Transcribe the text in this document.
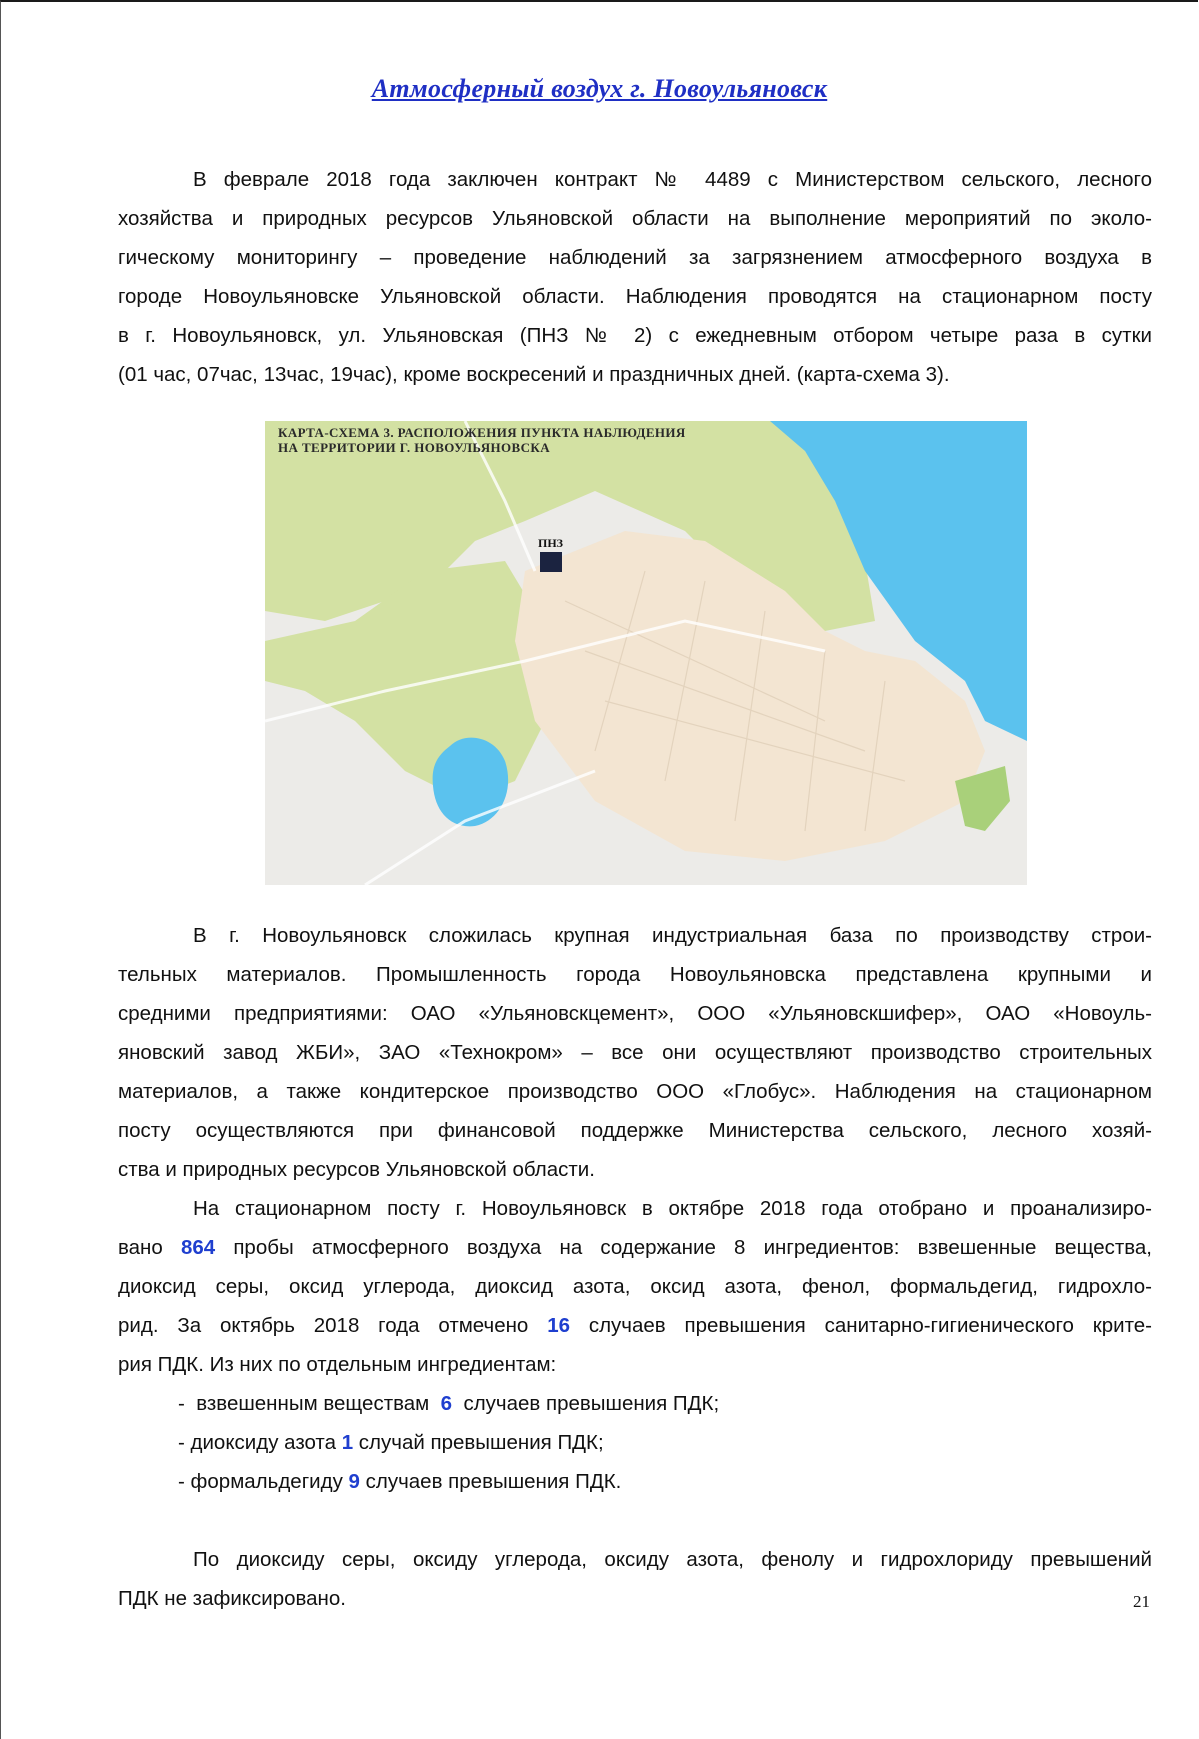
Атмосферный воздух г. Новоульяновск
В феврале 2018 года заключен контракт № 4489 с Министерством сельского, лесного
хозяйства и природных ресурсов Ульяновской области на выполнение мероприятий по эколо-
гическому мониторингу – проведение наблюдений за загрязнением атмосферного воздуха в
городе Новоульяновске Ульяновской области. Наблюдения проводятся на стационарном посту
в г. Новоульяновск, ул. Ульяновская (ПНЗ № 2) с ежедневным отбором четыре раза в сутки
(01 час, 07час, 13час, 19час), кроме воскресений и праздничных дней. (карта-схема 3).
КАРТА-СХЕМА 3. РАСПОЛОЖЕНИЯ ПУНКТА НАБЛЮДЕНИЯ
НА ТЕРРИТОРИИ Г. НОВОУЛЬЯНОВСКА
ПНЗ
В г. Новоульяновск сложилась крупная индустриальная база по производству строи-
тельных материалов. Промышленность города Новоульяновска представлена крупными и
средними предприятиями: ОАО «Ульяновскцемент», ООО «Ульяновскшифер», ОАО «Новоуль-
яновский завод ЖБИ», ЗАО «Технокром» – все они осуществляют производство строительных
материалов, а также кондитерское производство ООО «Глобус». Наблюдения на стационарном
посту осуществляются при финансовой поддержке Министерства сельского, лесного хозяй-
ства и природных ресурсов Ульяновской области.
На стационарном посту г. Новоульяновск в октябре 2018 года отобрано и проанализиро-
вано 864 пробы атмосферного воздуха на содержание 8 ингредиентов: взвешенные вещества,
диоксид серы, оксид углерода, диоксид азота, оксид азота, фенол, формальдегид, гидрохло-
рид. За октябрь 2018 года отмечено 16 случаев превышения санитарно-гигиенического крите-
рия ПДК. Из них по отдельным ингредиентам:
-  взвешенным веществам  6  случаев превышения ПДК;
- диоксиду азота 1 случай превышения ПДК;
- формальдегиду 9 случаев превышения ПДК.
По диоксиду серы, оксиду углерода, оксиду азота, фенолу и гидрохлориду превышений
ПДК не зафиксировано.	21
